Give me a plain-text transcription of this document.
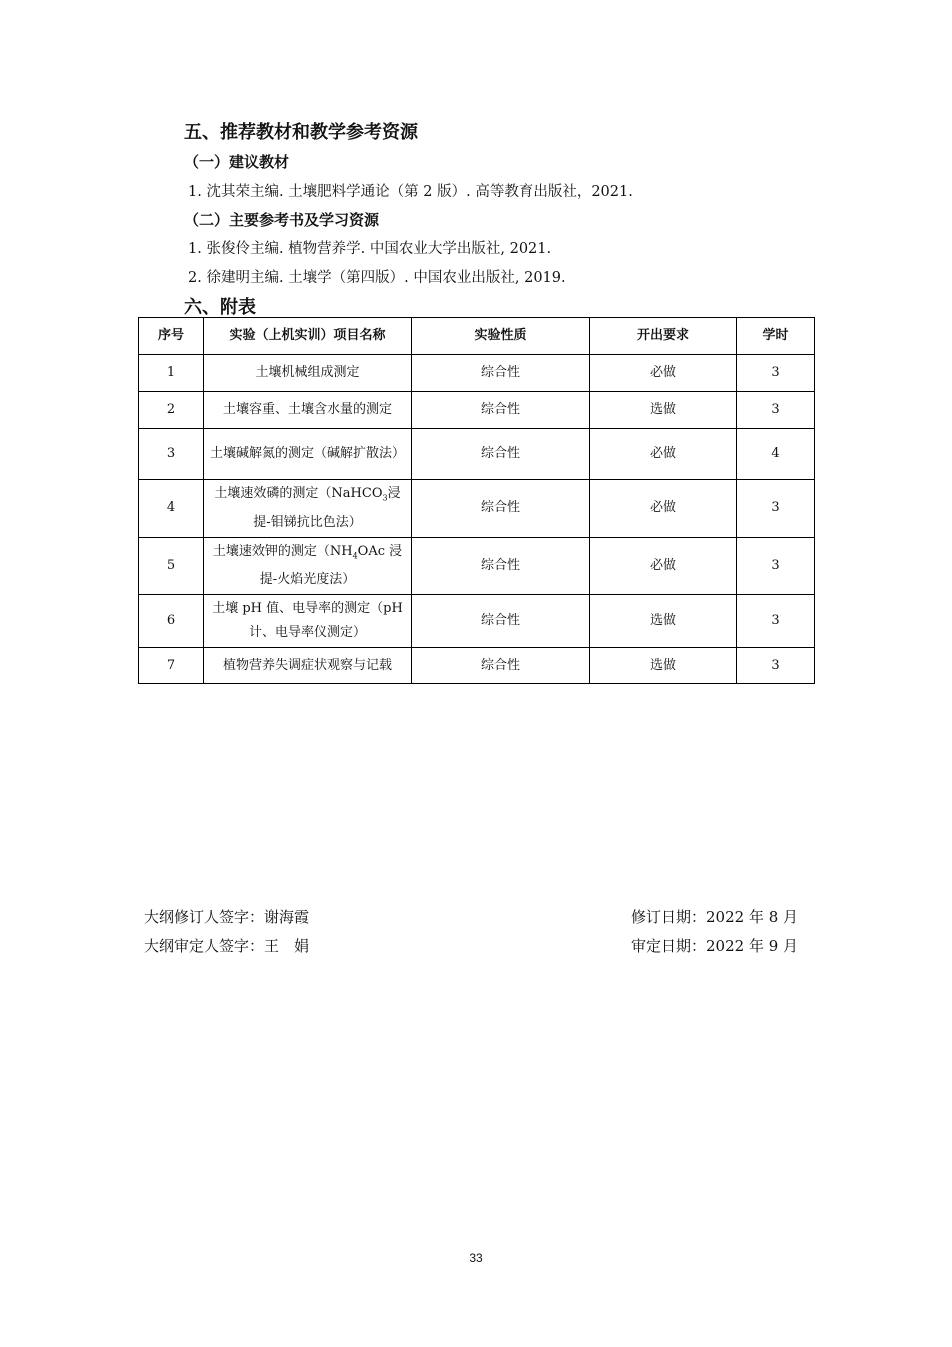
五、推荐教材和教学参考资源
（一）建议教材
1. 沈其荣主编. 土壤肥料学通论（第 2 版）. 高等教育出版社，2021.
（二）主要参考书及学习资源
1. 张俊伶主编. 植物营养学. 中国农业大学出版社, 2021.
2. 徐建明主编. 土壤学（第四版）. 中国农业出版社, 2019.
六、附表
序号	实验（上机实训）项目名称	实验性质	开出要求	学时
1	土壤机械组成测定	综合性	必做	3
2	土壤容重、土壤含水量的测定	综合性	选做	3
3	土壤碱解氮的测定（碱解扩散法）	综合性	必做	4
4	土壤速效磷的测定（NaHCO$_3$浸提-钼锑抗比色法）	综合性	必做	3
5	土壤速效钾的测定（$NH_4OAc$ 浸提-火焰光度法）	综合性	必做	3
6	土壤 pH 值、电导率的测定（pH 计、电导率仪测定）	综合性	选做	3
7	植物营养失调症状观察与记载	综合性	选做	3
大纲修订人签字：谢海霞	修订日期：2022 年 8 月
大纲审定人签字：王　娟	审定日期：2022 年 9 月
33
